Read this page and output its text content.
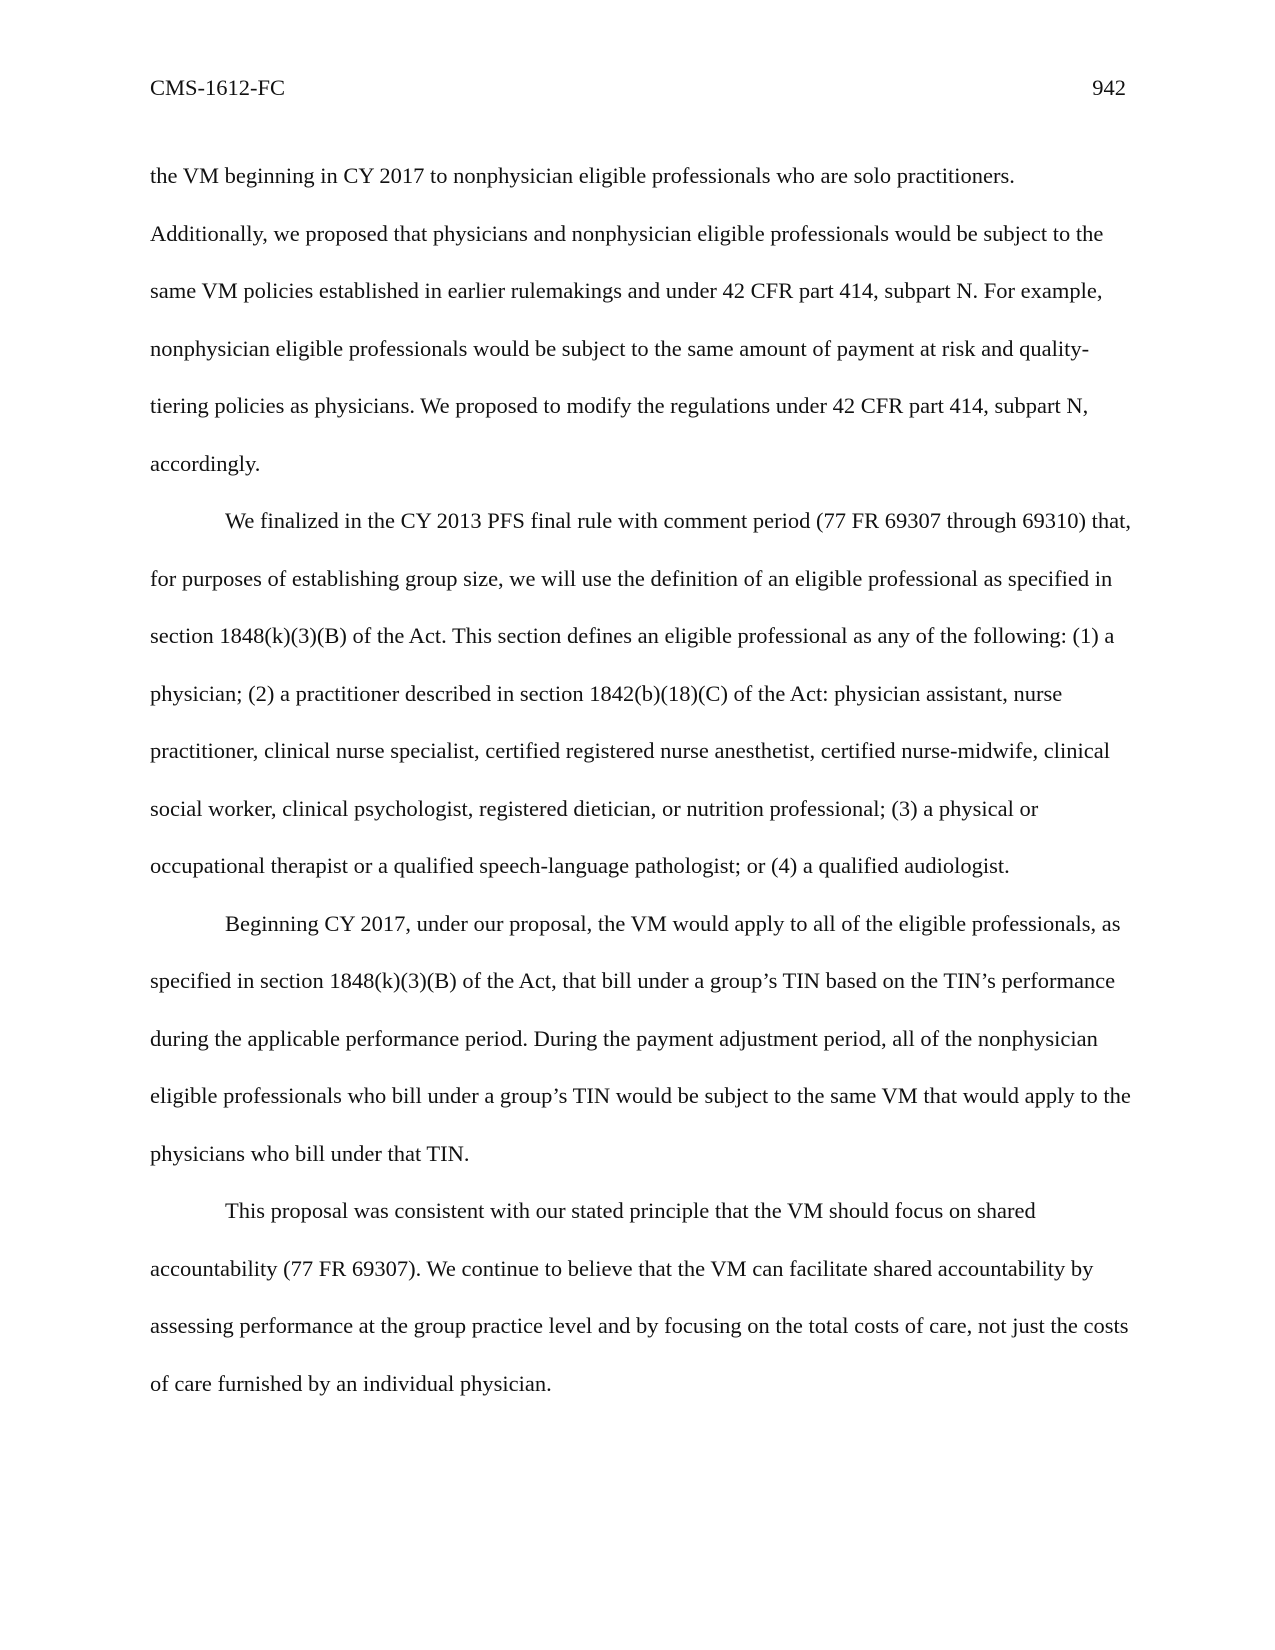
CMS-1612-FC	942

the VM beginning in CY 2017 to nonphysician eligible professionals who are solo practitioners. Additionally, we proposed that physicians and nonphysician eligible professionals would be subject to the same VM policies established in earlier rulemakings and under 42 CFR part 414, subpart N. For example, nonphysician eligible professionals would be subject to the same amount of payment at risk and quality-tiering policies as physicians. We proposed to modify the regulations under 42 CFR part 414, subpart N, accordingly.

We finalized in the CY 2013 PFS final rule with comment period (77 FR 69307 through 69310) that, for purposes of establishing group size, we will use the definition of an eligible professional as specified in section 1848(k)(3)(B) of the Act. This section defines an eligible professional as any of the following: (1) a physician; (2) a practitioner described in section 1842(b)(18)(C) of the Act: physician assistant, nurse practitioner, clinical nurse specialist, certified registered nurse anesthetist, certified nurse-midwife, clinical social worker, clinical psychologist, registered dietician, or nutrition professional; (3) a physical or occupational therapist or a qualified speech-language pathologist; or (4) a qualified audiologist.

Beginning CY 2017, under our proposal, the VM would apply to all of the eligible professionals, as specified in section 1848(k)(3)(B) of the Act, that bill under a group’s TIN based on the TIN’s performance during the applicable performance period. During the payment adjustment period, all of the nonphysician eligible professionals who bill under a group’s TIN would be subject to the same VM that would apply to the physicians who bill under that TIN.

This proposal was consistent with our stated principle that the VM should focus on shared accountability (77 FR 69307). We continue to believe that the VM can facilitate shared accountability by assessing performance at the group practice level and by focusing on the total costs of care, not just the costs of care furnished by an individual physician.
